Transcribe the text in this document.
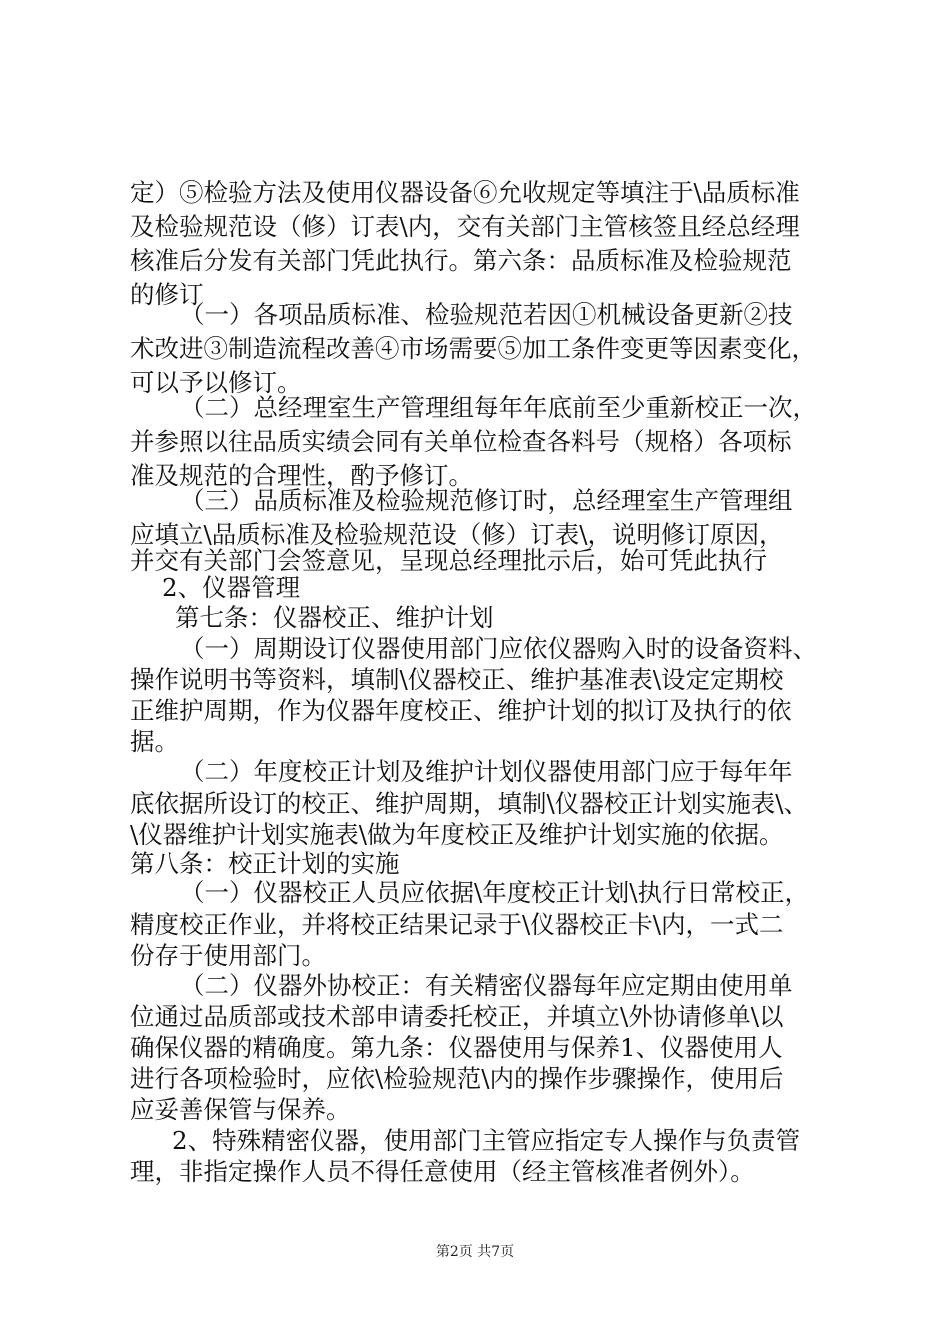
定）⑤检验方法及使用仪器设备⑥允收规定等填注于\品质标准
及检验规范设（修）订表\内，交有关部门主管核签且经总经理
核准后分发有关部门凭此执行。第六条：品质标准及检验规范
的修订
（一）各项品质标准、检验规范若因①机械设备更新②技
术改进③制造流程改善④市场需要⑤加工条件变更等因素变化，
可以予以修订。
（二）总经理室生产管理组每年年底前至少重新校正一次，
并参照以往品质实绩会同有关单位检查各料号（规格）各项标
准及规范的合理性，酌予修订。
（三）品质标准及检验规范修订时，总经理室生产管理组
应填立\品质标准及检验规范设（修）订表\，说明修订原因，
并交有关部门会签意见，呈现总经理批示后，始可凭此执行
2、仪器管理
第七条：仪器校正、维护计划
（一）周期设订仪器使用部门应依仪器购入时的设备资料、
操作说明书等资料，填制\仪器校正、维护基准表\设定定期校
正维护周期，作为仪器年度校正、维护计划的拟订及执行的依
据。
（二）年度校正计划及维护计划仪器使用部门应于每年年
底依据所设订的校正、维护周期，填制\仪器校正计划实施表\、
\仪器维护计划实施表\做为年度校正及维护计划实施的依据。
第八条：校正计划的实施
（一）仪器校正人员应依据\年度校正计划\执行日常校正，
精度校正作业，并将校正结果记录于\仪器校正卡\内，一式二
份存于使用部门。
（二）仪器外协校正：有关精密仪器每年应定期由使用单
位通过品质部或技术部申请委托校正，并填立\外协请修单\以
确保仪器的精确度。第九条：仪器使用与保养1、仪器使用人
进行各项检验时，应依\检验规范\内的操作步骤操作，使用后
应妥善保管与保养。
2、特殊精密仪器，使用部门主管应指定专人操作与负责管
理，非指定操作人员不得任意使用（经主管核准者例外）。
第2页 共7页
